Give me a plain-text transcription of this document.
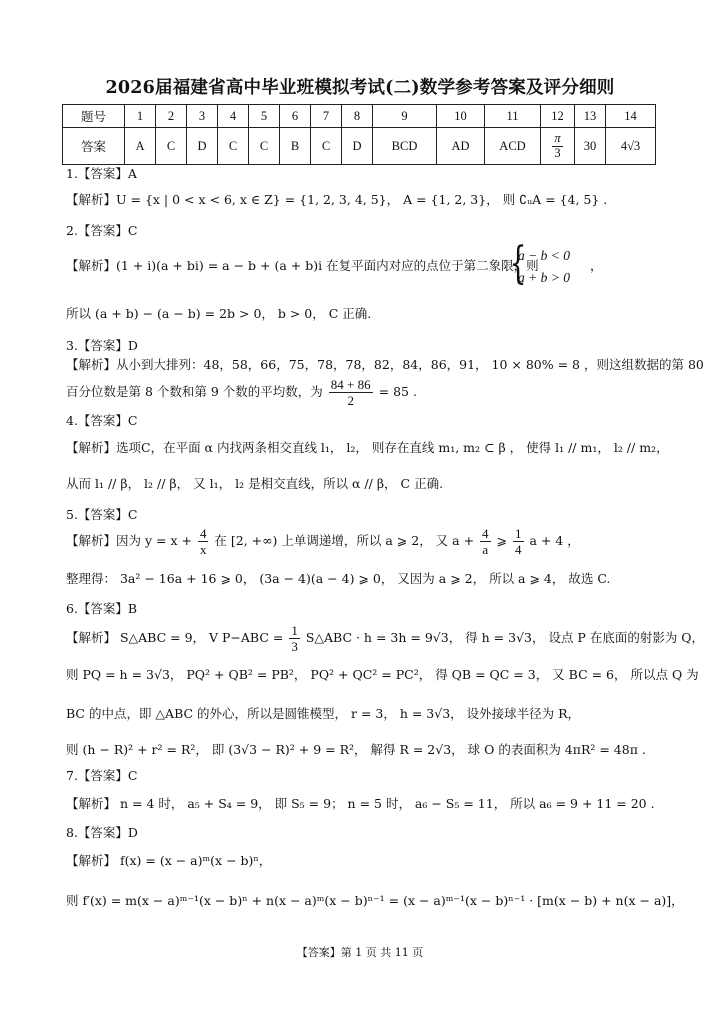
2026届福建省高中毕业班模拟考试(二)数学参考答案及评分细则
题号	1	2	3	4	5	6	7	8	9	10	11	12	13	14
答案	A	C	D	C	C	B	C	D	BCD	AD	ACD	$\frac{\pi}{3}$	30	4√3
1.【答案】A
【解析】U = {x | 0 < x < 6, x ∈ Z} = {1, 2, 3, 4, 5}， A = {1, 2, 3}， 则 ∁ᵤA = {4, 5} .
2.【答案】C
【解析】(1 + i)(a + bi) = a − b + (a + b)i 在复平面内对应的点位于第二象限，则
{
a − b < 0
a + b > 0
，
所以 (a + b) − (a − b) = 2b > 0， b > 0， C 正确.
3.【答案】D
【解析】从小到大排列：48，58，66，75，78，78，82，84，86，91， 10 × 80% = 8 ，则这组数据的第 80
百分位数是第 8 个数和第 9 个数的平均数，为 $\frac{84 + 86}{2} = 85$ .
4.【答案】C
【解析】选项C，在平面 α 内找两条相交直线 l₁， l₂， 则存在直线 m₁, m₂ ⊂ β ， 使得 l₁ // m₁， l₂ // m₂，
从而 l₁ // β， l₂ // β， 又 l₁， l₂ 是相交直线，所以 α // β， C 正确.
5.【答案】C
【解析】因为 $y = x + \frac{4}{x}$ 在 [2, +∞) 上单调递增，所以 a ⩾ 2， 又 $a + \frac{4}{a}$ ⩾ $\frac{1}{4}$ a + 4 ，
整理得： 3a² − 16a + 16 ⩾ 0， (3a − 4)(a − 4) ⩾ 0， 又因为 a ⩾ 2， 所以 a ⩾ 4， 故选 C.
6.【答案】B
【解析】 S△ABC = 9， V $P-ABC = \frac{1}{3}$ S△ABC · h = 3h = 9√3， 得 h = 3√3， 设点 P 在底面的射影为 Q，
则 PQ = h = 3√3， PQ² + QB² = PB²， PQ² + QC² = PC²， 得 QB = QC = 3， 又 BC = 6， 所以点 Q 为
BC 的中点，即 △ABC 的外心，所以是圆锥模型， r = 3， h = 3√3， 设外接球半径为 R，
则 (h − R)² + r² = R²， 即 (3√3 − R)² + 9 = R²， 解得 R = 2√3， 球 O 的表面积为 4πR² = 48π .
7.【答案】C
【解析】 n = 4 时， a₅ + S₄ = 9， 即 S₅ = 9； n = 5 时， a₆ − S₅ = 11， 所以 a₆ = 9 + 11 = 20 .
8.【答案】D
【解析】 f(x) = (x − a)ᵐ(x − b)ⁿ，
则 f′(x) = m(x − a)ᵐ⁻¹(x − b)ⁿ + n(x − a)ᵐ(x − b)ⁿ⁻¹ = (x − a)ᵐ⁻¹(x − b)ⁿ⁻¹ · [m(x − b) + n(x − a)]，
【答案】第 1 页 共 11 页
